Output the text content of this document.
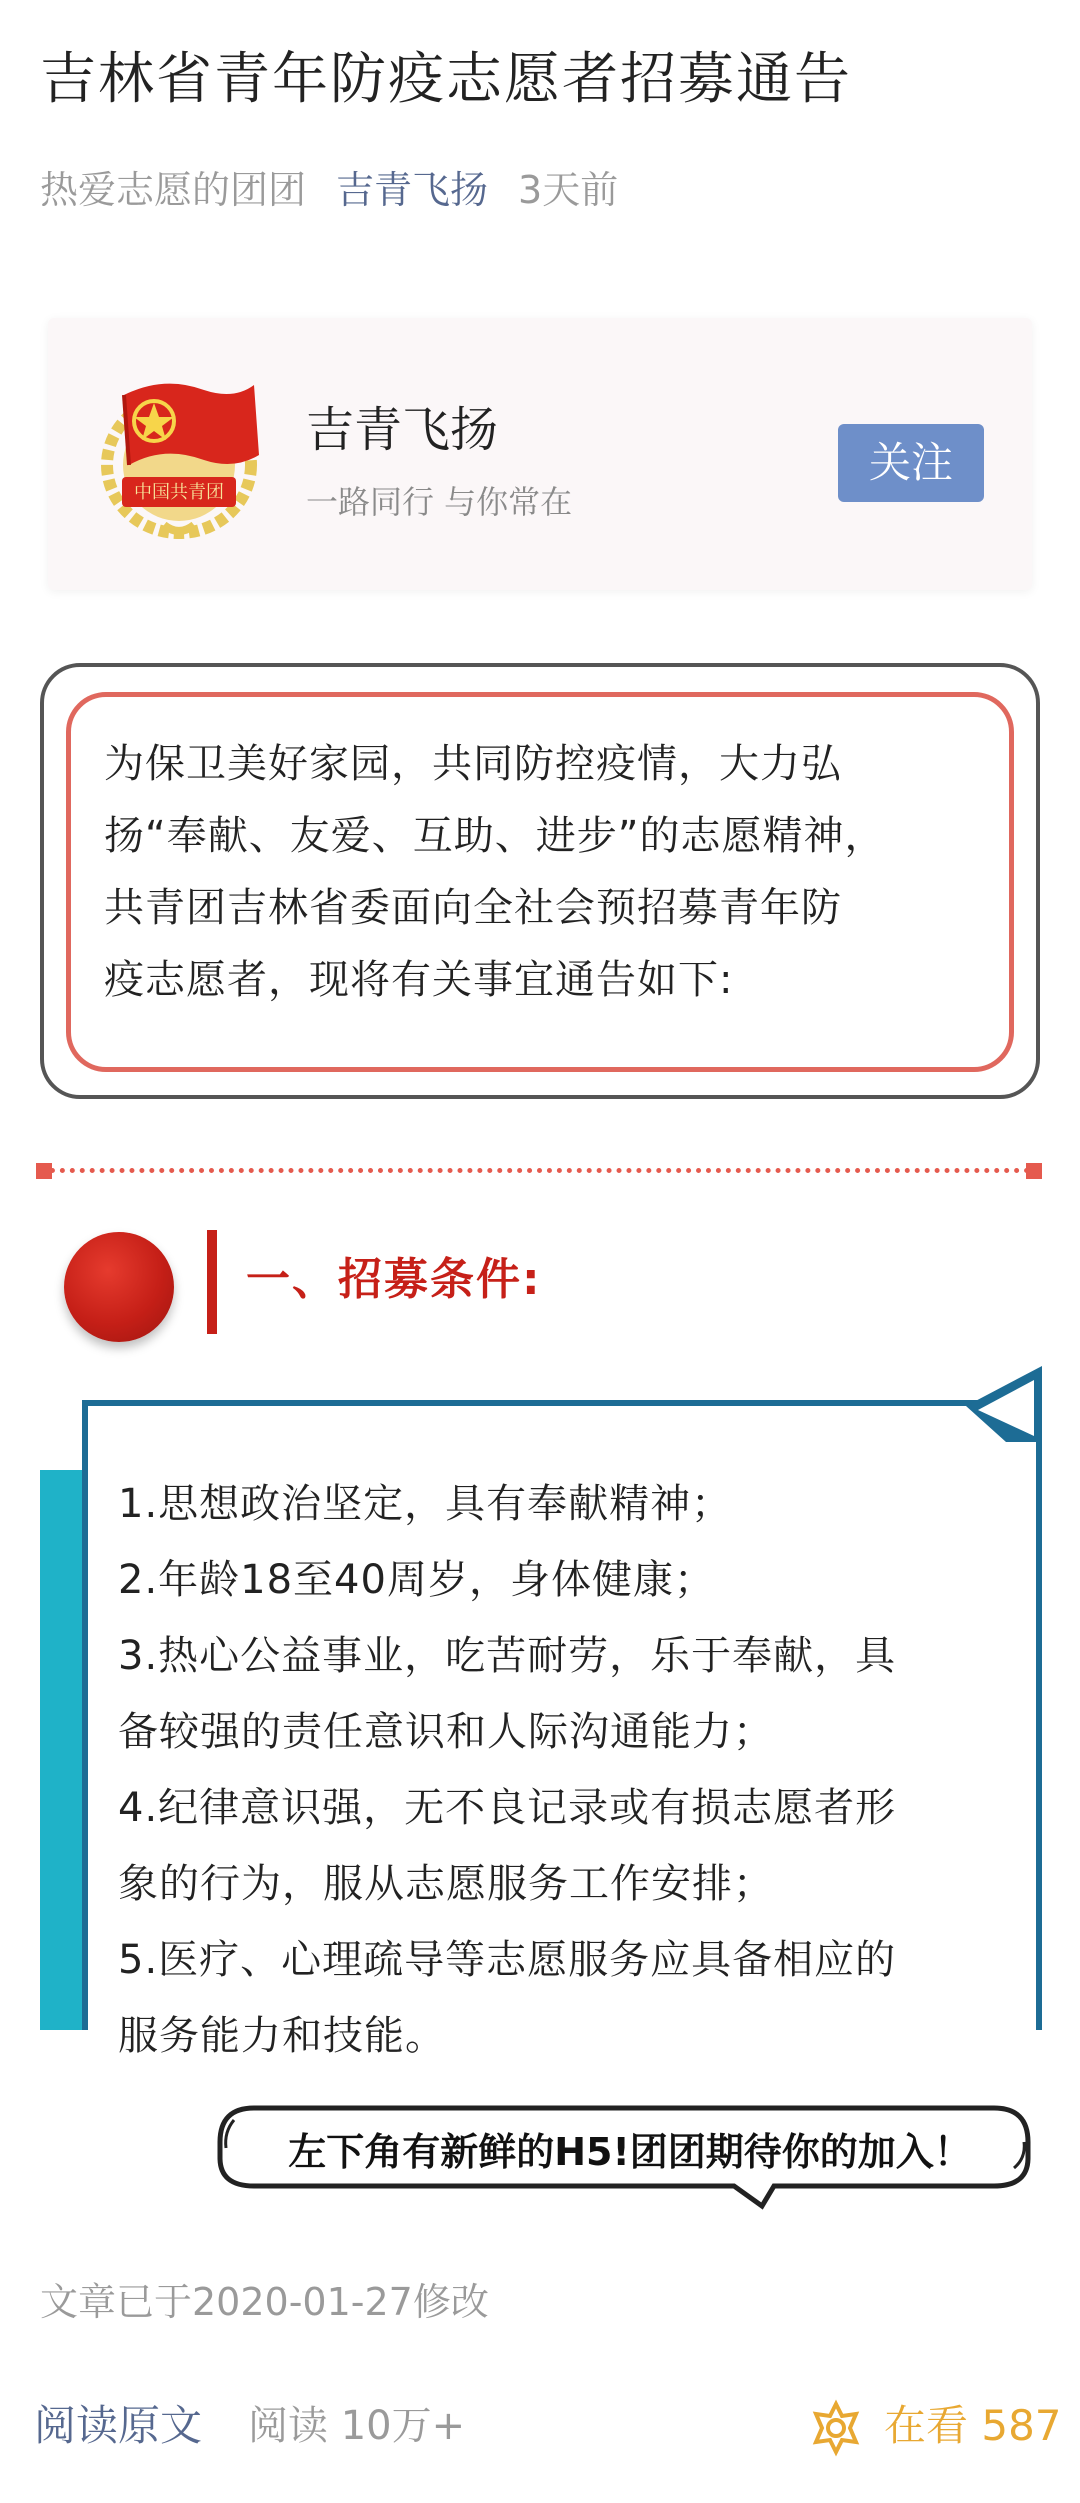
吉林省青年防疫志愿者招募通告
热爱志愿的团团 吉青飞扬 3天前
中国共青团
吉青飞扬
一路同行 与你常在
关注
为保卫美好家园，共同防控疫情，大力弘
扬“奉献、友爱、互助、进步”的志愿精神，
共青团吉林省委面向全社会预招募青年防
疫志愿者，现将有关事宜通告如下:
一、招募条件:
1.思想政治坚定，具有奉献精神；
2.年龄18至40周岁，身体健康；
3.热心公益事业，吃苦耐劳，乐于奉献，具
备较强的责任意识和人际沟通能力；
4.纪律意识强，无不良记录或有损志愿者形
象的行为，服从志愿服务工作安排；
5.医疗、心理疏导等志愿服务应具备相应的
服务能力和技能。
左下角有新鲜的H5!团团期待你的加入！
文章已于2020-01-27修改
阅读原文 阅读 10万+	在看 587
